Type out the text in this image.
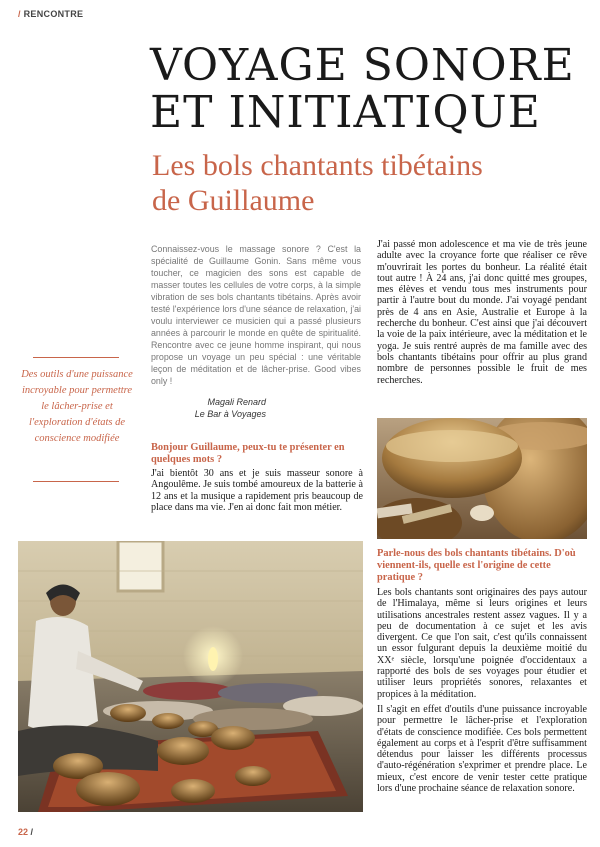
/ RENCONTRE
VOYAGE SONORE
ET INITIATIQUE
Les bols chantants tibétains
de Guillaume

Connaissez-vous le massage sonore ? C'est la spécialité de Guillaume Gonin. Sans même vous toucher, ce magicien des sons est capable de masser toutes les cellules de votre corps, à la simple vibration de ses bols chantants tibétains. Après avoir testé l'expérience lors d'une séance de relaxation, j'ai voulu interviewer ce musicien qui a passé plusieurs années à parcourir le monde en quête de spiritualité. Rencontre avec ce jeune homme inspirant, qui nous propose un voyage un peu spécial : une véritable leçon de méditation et de lâcher-prise. Good vibes only !

Magali Renard
Le Bar à Voyages

Des outils d'une puissance incroyable pour permettre le lâcher-prise et l'exploration d'états de conscience modifiée

Bonjour Guillaume, peux-tu te présenter en quelques mots ?

J'ai bientôt 30 ans et je suis masseur sonore à Angoulême. Je suis tombé amoureux de la batterie à 12 ans et la musique a rapidement pris beaucoup de place dans ma vie. J'en ai donc fait mon métier.

J'ai passé mon adolescence et ma vie de très jeune adulte avec la croyance forte que réaliser ce rêve m'ouvrirait les portes du bonheur. La réalité était tout autre ! À 24 ans, j'ai donc quitté mes groupes, mes élèves et vendu tous mes instruments pour partir à l'autre bout du monde. J'ai voyagé pendant près de 4 ans en Asie, Australie et Europe à la recherche du bonheur. C'est ainsi que j'ai découvert la voie de la paix intérieure, avec la méditation et le yoga. Je suis rentré auprès de ma famille avec des bols chantants tibétains pour offrir au plus grand nombre de personnes possible le fruit de mes recherches.

Parle-nous des bols chantants tibétains. D'où viennent-ils, quelle est l'origine de cette pratique ?

Les bols chantants sont originaires des pays autour de l'Himalaya, même si leurs origines et leurs utilisations ancestrales restent assez vagues. Il y a peu de documentation à ce sujet et les avis divergent. Ce que l'on sait, c'est qu'ils connaissent un essor fulgurant depuis la deuxième moitié du XXᵉ siècle, lorsqu'une poignée d'occidentaux a rapporté des bols de ses voyages pour étudier et utiliser leurs propriétés sonores, relaxantes et propices à la méditation.

Il s'agit en effet d'outils d'une puissance incroyable pour permettre le lâcher-prise et l'exploration d'états de conscience modifiée. Ces bols permettent également au corps et à l'esprit d'être suffisamment détendus pour laisser les différents processus d'auto-régénération s'exprimer et prendre place. Le mieux, c'est encore de venir tester cette pratique lors d'une prochaine séance de relaxation sonore.

22 /
